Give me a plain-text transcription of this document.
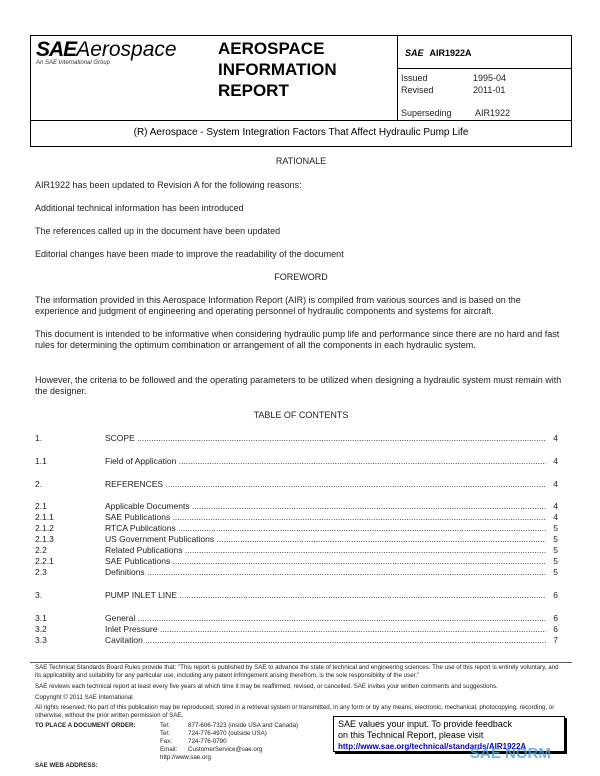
SAEAerospace
An SAE International Group
AEROSPACE
INFORMATION
REPORT
SAE AIR1922A
Issued	1995-04
Revised	2011-01
Superseding	AIR1922
(R) Aerospace - System Integration Factors That Affect Hydraulic Pump Life
RATIONALE
AIR1922 has been updated to Revision A for the following reasons:
Additional technical information has been introduced
The references called up in the document have been updated
Editorial changes have been made to improve the readability of the document
FOREWORD
The information provided in this Aerospace Information Report (AIR) is compiled from various sources and is based on the experience and judgment of engineering and operating personnel of hydraulic components and systems for aircraft.
This document is intended to be informative when considering hydraulic pump life and performance since there are no hard and fast rules for determining the optimum combination or arrangement of all the components in each hydraulic system.
However, the criteria to be followed and the operating parameters to be utilized when designing a hydraulic system must remain with the designer.
TABLE OF CONTENTS
1.	SCOPE .....	4
1.1	Field of Application .....	4
2.	REFERENCES .....	4
2.1	Applicable Documents .....	4
2.1.1	SAE Publications .....	4
2.1.2	RTCA Publications .....	5
2.1.3	US Government Publications .....	5
2.2	Related Publications .....	5
2.2.1	SAE Publications .....	5
2.3	Definitions .....	5
3.	PUMP INLET LINE .....	6
3.1	General .....	6
3.2	Inlet Pressure .....	6
3.3	Cavitation .....	7
SAE Technical Standards Board Rules provide that: "This report is published by SAE to advance the state of technical and engineering sciences. The use of this report is entirely voluntary, and its applicability and suitability for any particular use, including any patent infringement arising therefrom, is the sole responsibility of the user."
SAE reviews each technical report at least every five years at which time it may be reaffirmed, revised, or cancelled. SAE invites your written comments and suggestions.
Copyright © 2011 SAE International
All rights reserved. No part of this publication may be reproduced, stored in a retrieval system or transmitted, in any form or by any means, electronic, mechanical, photocopying, recording, or otherwise, without the prior written permission of SAE.
TO PLACE A DOCUMENT ORDER:	Tel:	877-606-7323 (inside USA and Canada)
Tel:	724-776-4970 (outside USA)
Fax:	724-776-0790
Email: CustomerService@sae.org
http://www.sae.org
SAE WEB ADDRESS:
SAE values your input. To provide feedback
on this Technical Report, please visit
http://www.sae.org/technical/standards/AIR1922A
SAE NORM
